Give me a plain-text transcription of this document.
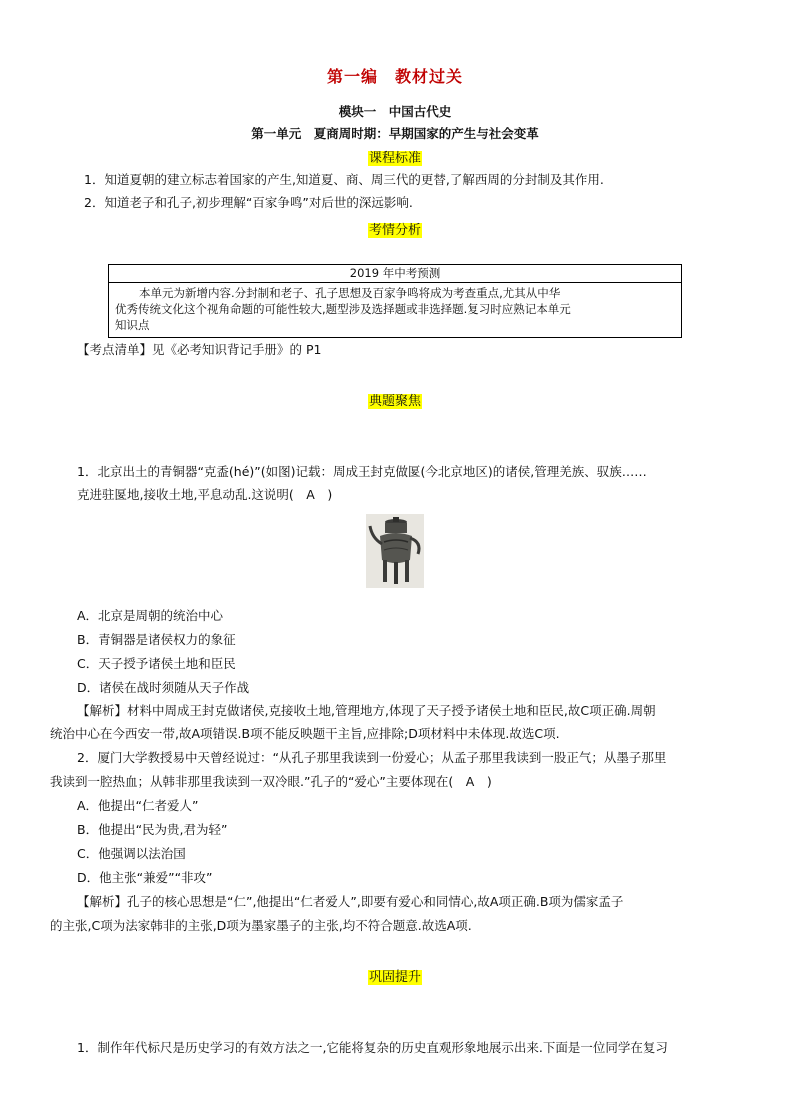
第一编　教材过关
模块一　中国古代史
第一单元　夏商周时期：早期国家的产生与社会变革
课程标准
1．知道夏朝的建立标志着国家的产生,知道夏、商、周三代的更替,了解西周的分封制及其作用.
2．知道老子和孔子,初步理解“百家争鸣”对后世的深远影响.
考情分析
2019 年中考预测
本单元为新增内容.分封制和老子、孔子思想及百家争鸣将成为考查重点,尤其从中华
优秀传统文化这个视角命题的可能性较大,题型涉及选择题或非选择题.复习时应熟记本单元
知识点
【考点清单】见《必考知识背记手册》的 P1
典题聚焦
1．北京出土的青铜器“克盉(hé)”(如图)记载：周成王封克做匽(今北京地区)的诸侯,管理羌族、驭族……
克进驻匽地,接收土地,平息动乱.这说明(　A　)
A．北京是周朝的统治中心
B．青铜器是诸侯权力的象征
C．天子授予诸侯土地和臣民
D．诸侯在战时须随从天子作战
【解析】材料中周成王封克做诸侯,克接收土地,管理地方,体现了天子授予诸侯土地和臣民,故C项正确.周朝
统治中心在今西安一带,故A项错误.B项不能反映题干主旨,应排除;D项材料中未体现.故选C项.
2．厦门大学教授易中天曾经说过：“从孔子那里我读到一份爱心；从孟子那里我读到一股正气；从墨子那里
我读到一腔热血；从韩非那里我读到一双冷眼.”孔子的“爱心”主要体现在(　A　)
A．他提出“仁者爱人”
B．他提出“民为贵,君为轻”
C．他强调以法治国
D．他主张“兼爱”“非攻”
【解析】孔子的核心思想是“仁”,他提出“仁者爱人”,即要有爱心和同情心,故A项正确.B项为儒家孟子
的主张,C项为法家韩非的主张,D项为墨家墨子的主张,均不符合题意.故选A项.
巩固提升
1．制作年代标尺是历史学习的有效方法之一,它能将复杂的历史直观形象地展示出来.下面是一位同学在复习
